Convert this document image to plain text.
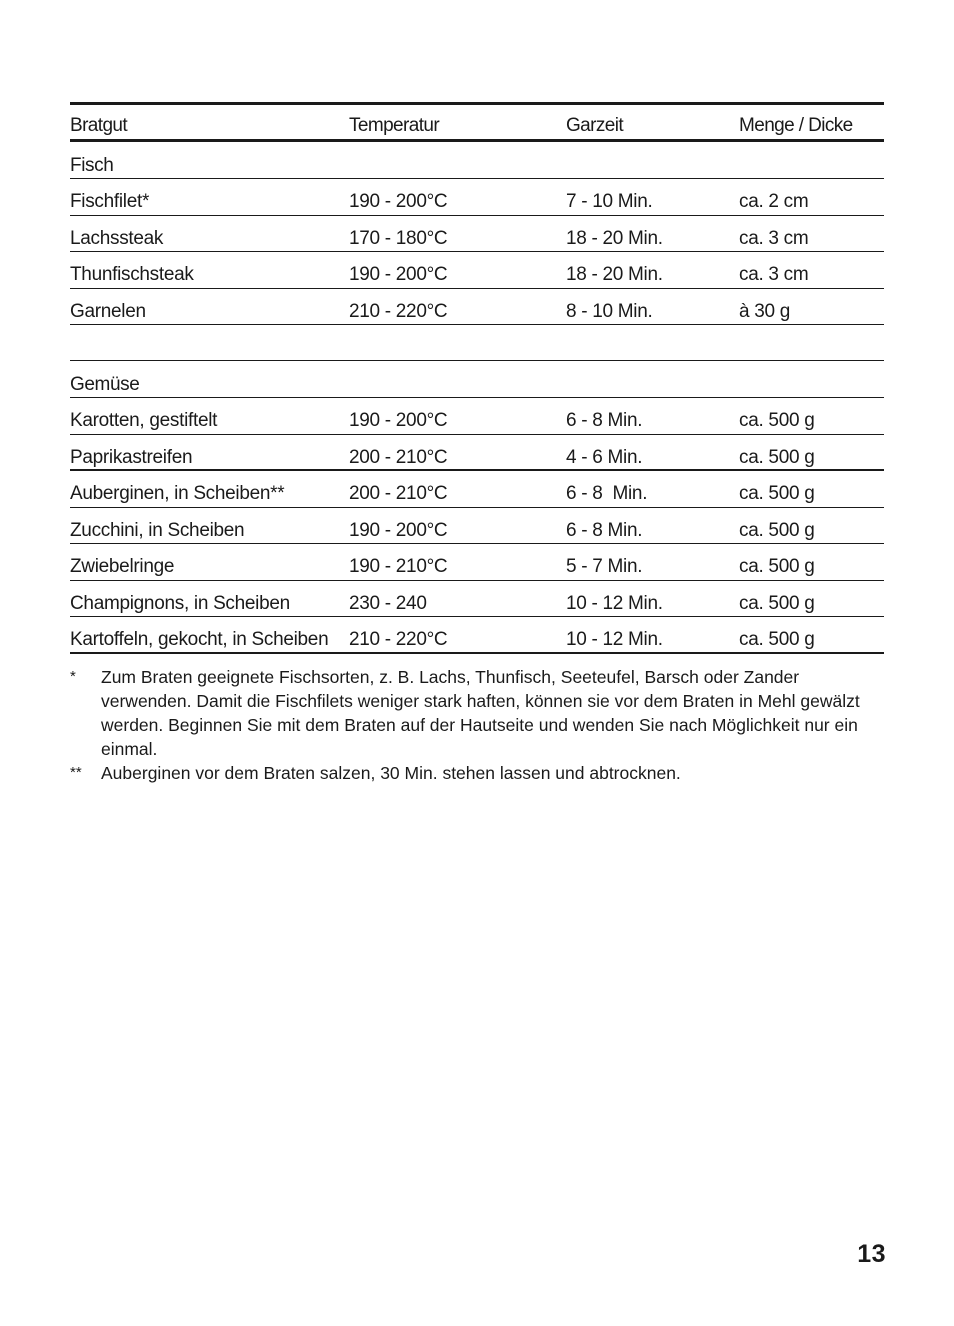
Bratgut	Temperatur	Garzeit	Menge / Dicke
Fisch
Fischfilet*	190 - 200°C	7 - 10 Min.	ca. 2 cm
Lachssteak	170 - 180°C	18 - 20 Min.	ca. 3 cm
Thunfischsteak	190 - 200°C	18 - 20 Min.	ca. 3 cm
Garnelen	210 - 220°C	8 - 10 Min.	à 30 g
Gemüse
Karotten, gestiftelt	190 - 200°C	6 - 8 Min.	ca. 500 g
Paprikastreifen	200 - 210°C	4 - 6 Min.	ca. 500 g
Auberginen, in Scheiben**	200 - 210°C	6 - 8  Min.	ca. 500 g
Zucchini, in Scheiben	190 - 200°C	6 - 8 Min.	ca. 500 g
Zwiebelringe	190 - 210°C	5 - 7 Min.	ca. 500 g
Champignons, in Scheiben	230 - 240	10 - 12 Min.	ca. 500 g
Kartoffeln, gekocht, in Scheiben 210 - 220°C	10 - 12 Min.	ca. 500 g
* Zum Braten geeignete Fischsorten, z. B. Lachs, Thunfisch, Seeteufel, Barsch oder Zander verwenden. Damit die Fischfilets weniger stark haften, können sie vor dem Braten in Mehl gewälzt werden. Beginnen Sie mit dem Braten auf der Hautseite und wenden Sie nach Möglichkeit nur ein einmal.
** Auberginen vor dem Braten salzen, 30 Min. stehen lassen und abtrocknen.
13
